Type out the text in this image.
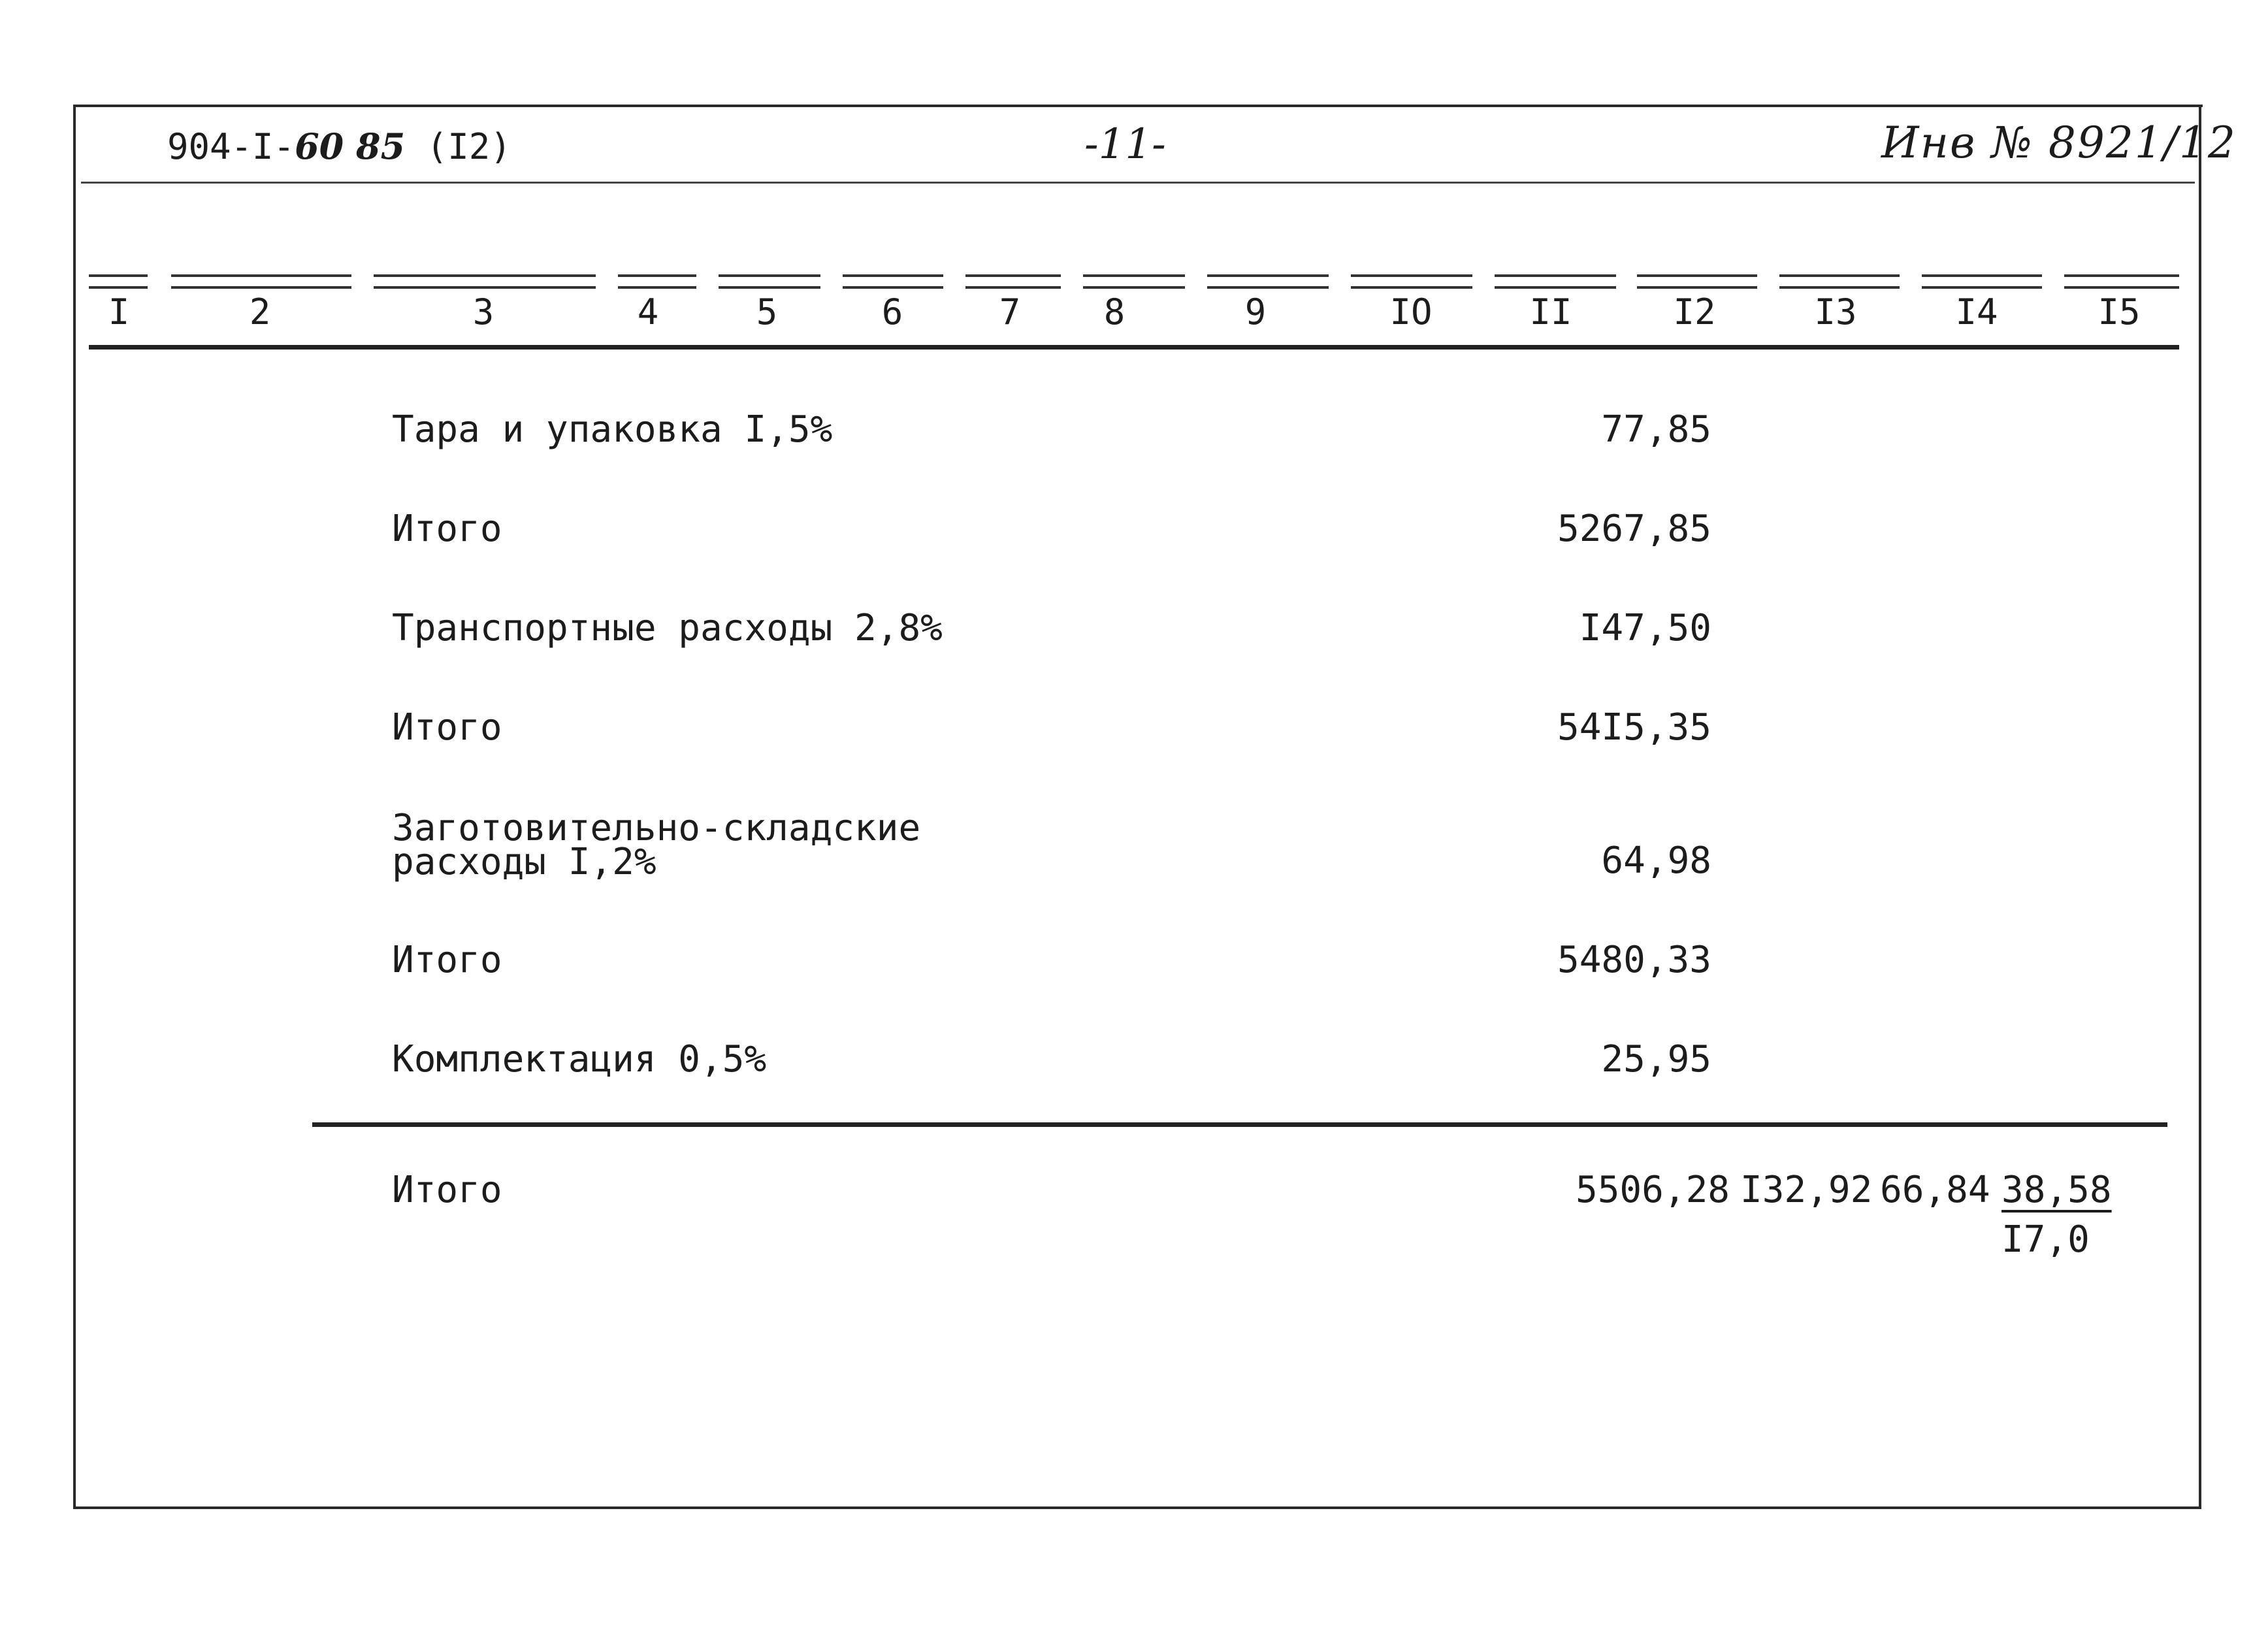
904-I-60 85 (I2)	-11-	Инв № 8921/12
I	2	3	4	5	6	7	8	9	IO	II	I2	I3	I4	I5
Тара и упаковка I,5%	77,85
Итого	5267,85
Транспортные расходы 2,8%	I47,50
Итого	54I5,35
Заготовительно-складские
расходы I,2%	64,98
Итого	5480,33
Комплектация 0,5%	25,95
Итого	5506,28 I32,92 66,84 38,58
I7,0
